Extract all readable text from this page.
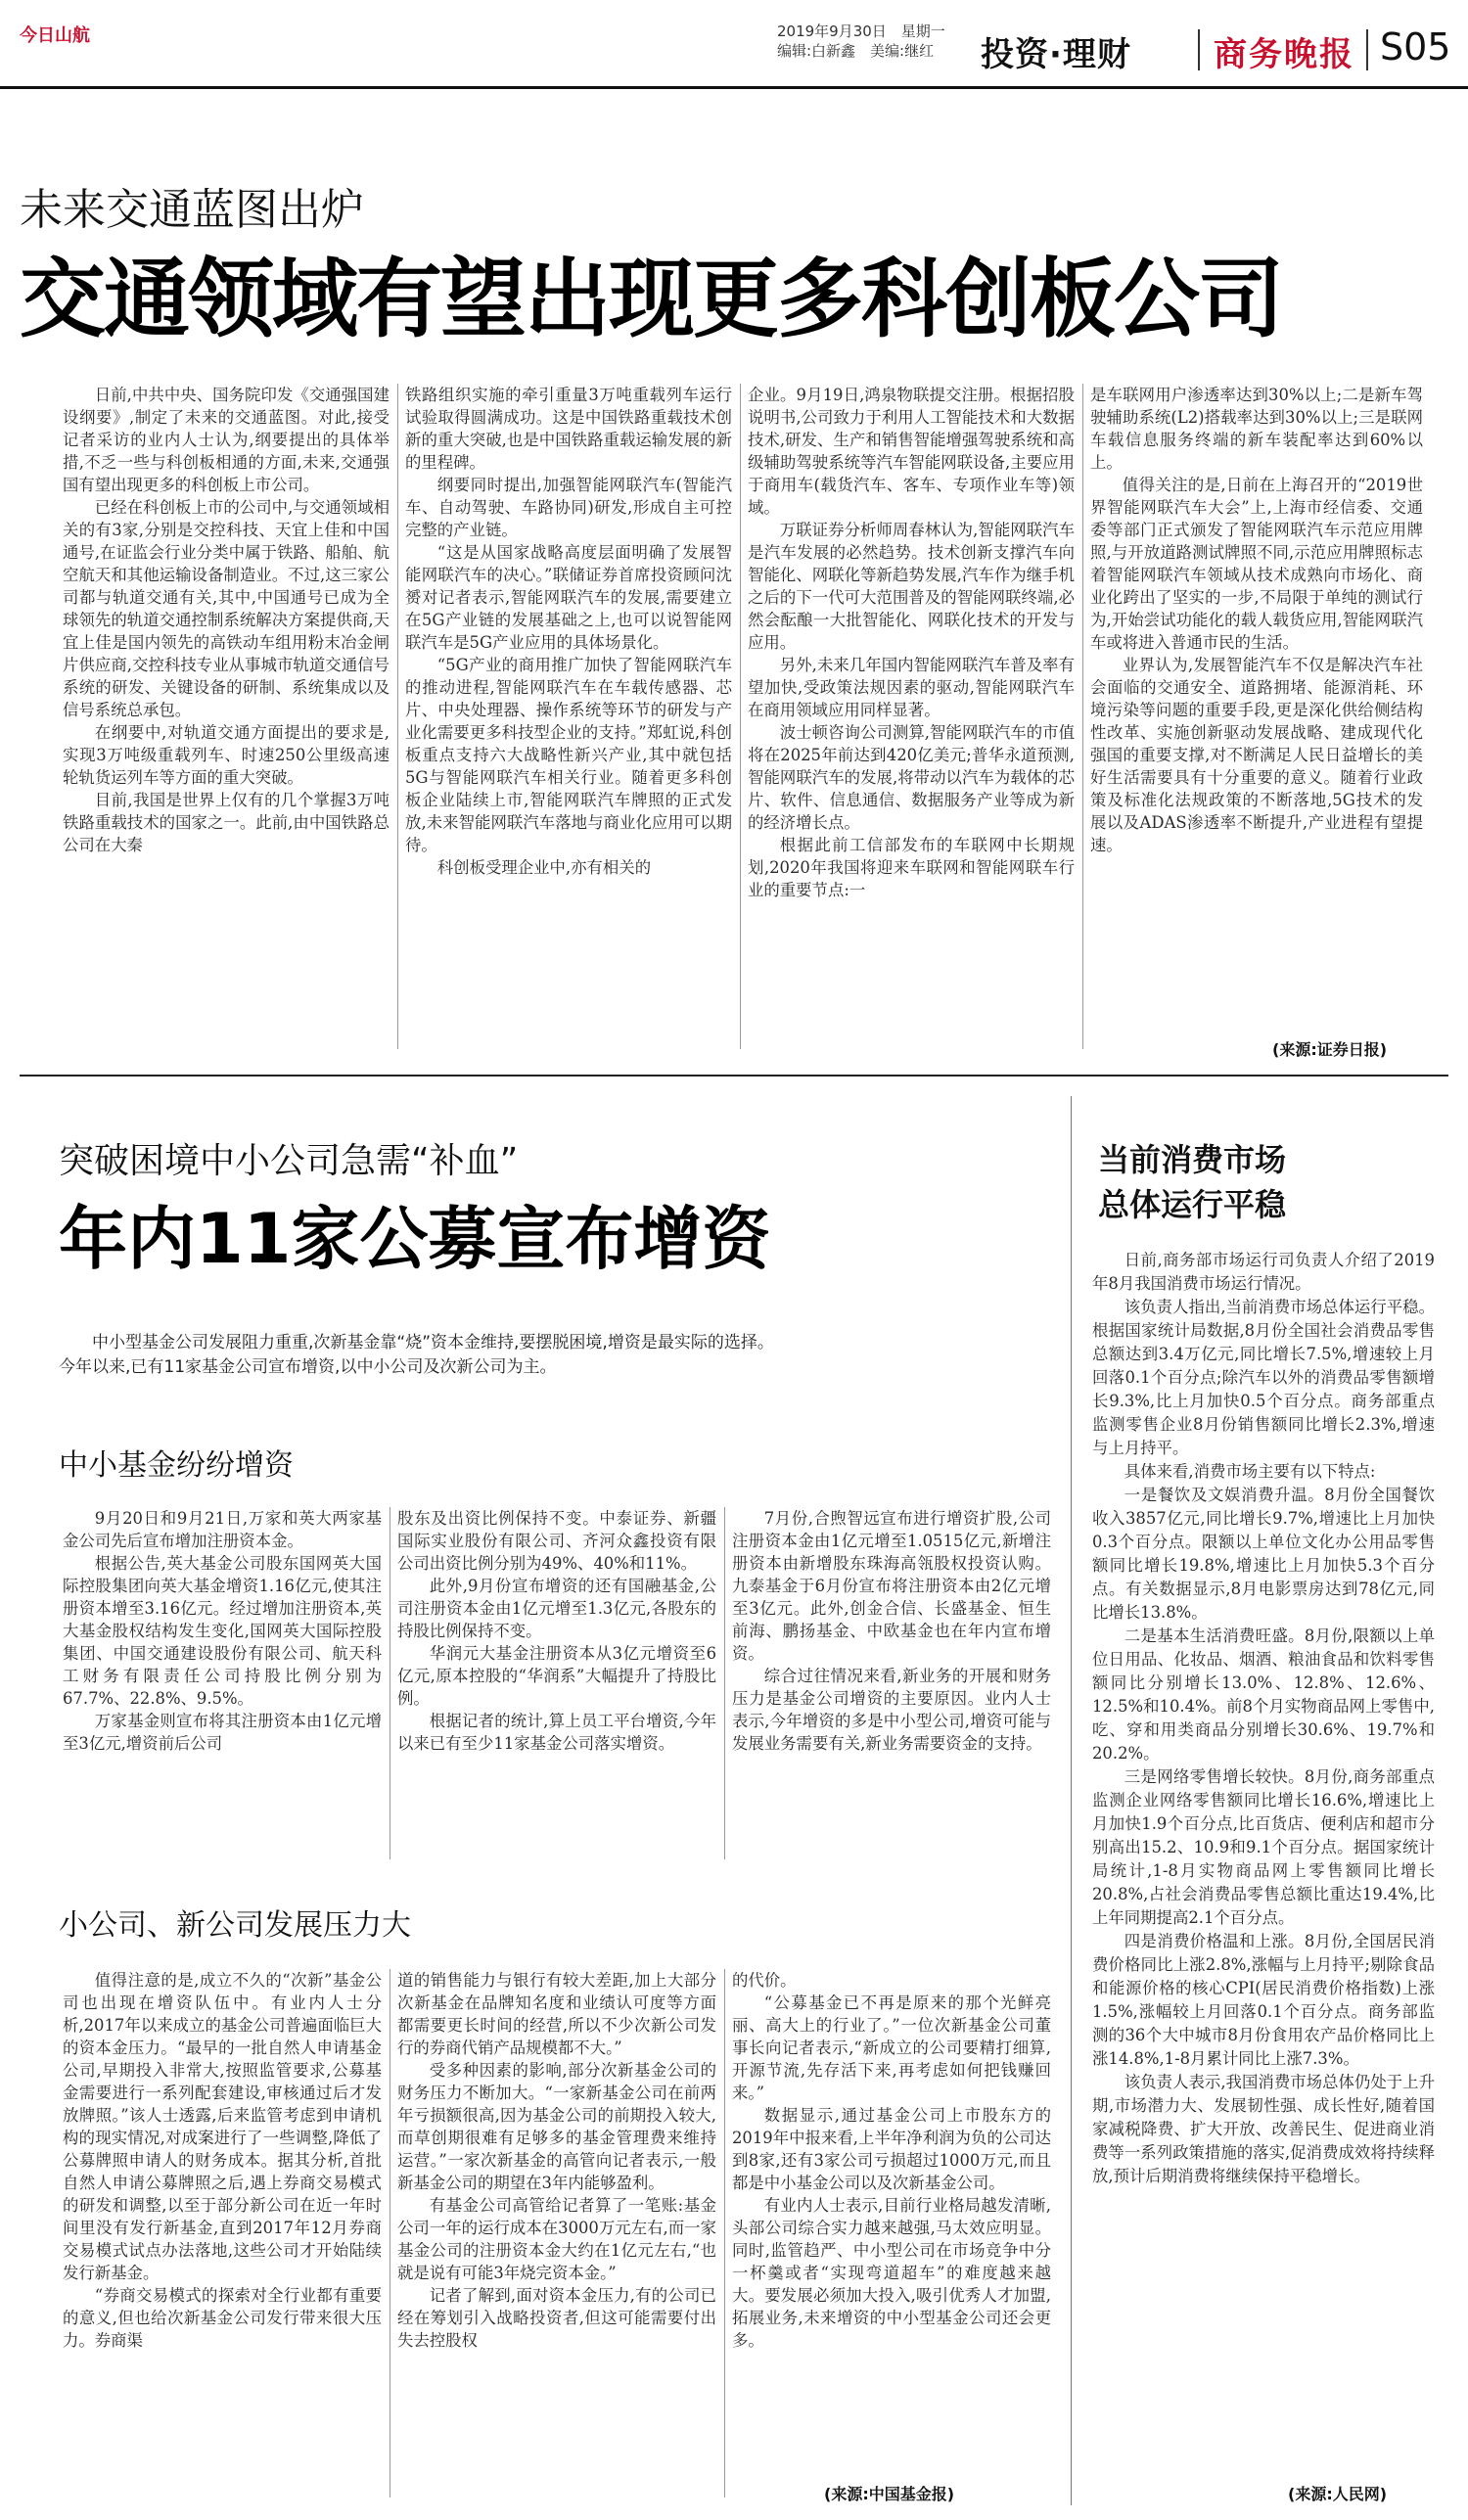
今日山航	2019年9月30日　星期一
编辑:白新鑫　美编:继红	投资·理财 商务晚报 S05
未来交通蓝图出炉
交通领域有望出现更多科创板公司

日前,中共中央、国务院印发《交通强国建设纲要》,制定了未来的交通蓝图。对此,接受记者采访的业内人士认为,纲要提出的具体举措,不乏一些与科创板相通的方面,未来,交通强国有望出现更多的科创板上市公司。

已经在科创板上市的公司中,与交通领域相关的有3家,分别是交控科技、天宜上佳和中国通号,在证监会行业分类中属于铁路、船舶、航空航天和其他运输设备制造业。不过,这三家公司都与轨道交通有关,其中,中国通号已成为全球领先的轨道交通控制系统解决方案提供商,天宜上佳是国内领先的高铁动车组用粉末冶金闸片供应商,交控科技专业从事城市轨道交通信号系统的研发、关键设备的研制、系统集成以及信号系统总承包。

在纲要中,对轨道交通方面提出的要求是,实现3万吨级重载列车、时速250公里级高速轮轨货运列车等方面的重大突破。

目前,我国是世界上仅有的几个掌握3万吨铁路重载技术的国家之一。此前,由中国铁路总公司在大秦

铁路组织实施的牵引重量3万吨重载列车运行试验取得圆满成功。这是中国铁路重载技术创新的重大突破,也是中国铁路重载运输发展的新的里程碑。

纲要同时提出,加强智能网联汽车(智能汽车、自动驾驶、车路协同)研发,形成自主可控完整的产业链。

“这是从国家战略高度层面明确了发展智能网联汽车的决心。”联储证券首席投资顾问沈赟对记者表示,智能网联汽车的发展,需要建立在5G产业链的发展基础之上,也可以说智能网联汽车是5G产业应用的具体场景化。

“5G产业的商用推广加快了智能网联汽车的推动进程,智能网联汽车在车载传感器、芯片、中央处理器、操作系统等环节的研发与产业化需要更多科技型企业的支持。”郑虹说,科创板重点支持六大战略性新兴产业,其中就包括5G与智能网联汽车相关行业。随着更多科创板企业陆续上市,智能网联汽车牌照的正式发放,未来智能网联汽车落地与商业化应用可以期待。

科创板受理企业中,亦有相关的

企业。9月19日,鸿泉物联提交注册。根据招股说明书,公司致力于利用人工智能技术和大数据技术,研发、生产和销售智能增强驾驶系统和高级辅助驾驶系统等汽车智能网联设备,主要应用于商用车(载货汽车、客车、专项作业车等)领域。

万联证券分析师周春林认为,智能网联汽车是汽车发展的必然趋势。技术创新支撑汽车向智能化、网联化等新趋势发展,汽车作为继手机之后的下一代可大范围普及的智能网联终端,必然会酝酿一大批智能化、网联化技术的开发与应用。

另外,未来几年国内智能网联汽车普及率有望加快,受政策法规因素的驱动,智能网联汽车在商用领域应用同样显著。

波士顿咨询公司测算,智能网联汽车的市值将在2025年前达到420亿美元;普华永道预测,智能网联汽车的发展,将带动以汽车为载体的芯片、软件、信息通信、数据服务产业等成为新的经济增长点。

根据此前工信部发布的车联网中长期规划,2020年我国将迎来车联网和智能网联车行业的重要节点:一

是车联网用户渗透率达到30%以上;二是新车驾驶辅助系统(L2)搭载率达到30%以上;三是联网车载信息服务终端的新车装配率达到60%以上。

值得关注的是,日前在上海召开的“2019世界智能网联汽车大会”上,上海市经信委、交通委等部门正式颁发了智能网联汽车示范应用牌照,与开放道路测试牌照不同,示范应用牌照标志着智能网联汽车领域从技术成熟向市场化、商业化跨出了坚实的一步,不局限于单纯的测试行为,开始尝试功能化的载人载货应用,智能网联汽车或将进入普通市民的生活。

业界认为,发展智能汽车不仅是解决汽车社会面临的交通安全、道路拥堵、能源消耗、环境污染等问题的重要手段,更是深化供给侧结构性改革、实施创新驱动发展战略、建成现代化强国的重要支撑,对不断满足人民日益增长的美好生活需要具有十分重要的意义。随着行业政策及标准化法规政策的不断落地,5G技术的发展以及ADAS渗透率不断提升,产业进程有望提速。

(来源:证券日报)
突破困境中小公司急需“补血”
年内11家公募宣布增资

中小型基金公司发展阻力重重,次新基金靠“烧”资本金维持,要摆脱困境,增资是最实际的选择。

今年以来,已有11家基金公司宣布增资,以中小公司及次新公司为主。

中小基金纷纷增资

9月20日和9月21日,万家和英大两家基金公司先后宣布增加注册资本金。

根据公告,英大基金公司股东国网英大国际控股集团向英大基金增资1.16亿元,使其注册资本增至3.16亿元。经过增加注册资本,英大基金股权结构发生变化,国网英大国际控股集团、中国交通建设股份有限公司、航天科工财务有限责任公司持股比例分别为67.7%、22.8%、9.5%。

万家基金则宣布将其注册资本由1亿元增至3亿元,增资前后公司

股东及出资比例保持不变。中泰证券、新疆国际实业股份有限公司、齐河众鑫投资有限公司出资比例分别为49%、40%和11%。

此外,9月份宣布增资的还有国融基金,公司注册资本金由1亿元增至1.3亿元,各股东的持股比例保持不变。

华润元大基金注册资本从3亿元增资至6亿元,原本控股的“华润系”大幅提升了持股比例。

根据记者的统计,算上员工平台增资,今年以来已有至少11家基金公司落实增资。

7月份,合煦智远宣布进行增资扩股,公司注册资本金由1亿元增至1.0515亿元,新增注册资本由新增股东珠海高瓴股权投资认购。九泰基金于6月份宣布将注册资本由2亿元增至3亿元。此外,创金合信、长盛基金、恒生前海、鹏扬基金、中欧基金也在年内宣布增资。

综合过往情况来看,新业务的开展和财务压力是基金公司增资的主要原因。业内人士表示,今年增资的多是中小型公司,增资可能与发展业务需要有关,新业务需要资金的支持。

小公司、新公司发展压力大

值得注意的是,成立不久的“次新”基金公司也出现在增资队伍中。有业内人士分析,2017年以来成立的基金公司普遍面临巨大的资本金压力。“最早的一批自然人申请基金公司,早期投入非常大,按照监管要求,公募基金需要进行一系列配套建设,审核通过后才发放牌照。”该人士透露,后来监管考虑到申请机构的现实情况,对成案进行了一些调整,降低了公募牌照申请人的财务成本。据其分析,首批自然人申请公募牌照之后,遇上券商交易模式的研发和调整,以至于部分新公司在近一年时间里没有发行新基金,直到2017年12月券商交易模式试点办法落地,这些公司才开始陆续发行新基金。

“券商交易模式的探索对全行业都有重要的意义,但也给次新基金公司发行带来很大压力。券商渠

道的销售能力与银行有较大差距,加上大部分次新基金在品牌知名度和业绩认可度等方面都需要更长时间的经营,所以不少次新公司发行的券商代销产品规模都不大。”

受多种因素的影响,部分次新基金公司的财务压力不断加大。“一家新基金公司在前两年亏损额很高,因为基金公司的前期投入较大,而草创期很难有足够多的基金管理费来维持运营。”一家次新基金的高管向记者表示,一般新基金公司的期望在3年内能够盈利。

有基金公司高管给记者算了一笔账:基金公司一年的运行成本在3000万元左右,而一家基金公司的注册资本金大约在1亿元左右,“也就是说有可能3年烧完资本金。”

记者了解到,面对资本金压力,有的公司已经在筹划引入战略投资者,但这可能需要付出失去控股权

的代价。

“公募基金已不再是原来的那个光鲜亮丽、高大上的行业了。”一位次新基金公司董事长向记者表示,“新成立的公司要精打细算,开源节流,先存活下来,再考虑如何把钱赚回来。”

数据显示,通过基金公司上市股东方的2019年中报来看,上半年净利润为负的公司达到8家,还有3家公司亏损超过1000万元,而且都是中小基金公司以及次新基金公司。

有业内人士表示,目前行业格局越发清晰,头部公司综合实力越来越强,马太效应明显。同时,监管趋严、中小型公司在市场竞争中分一杯羹或者“实现弯道超车”的难度越来越大。要发展必须加大投入,吸引优秀人才加盟,拓展业务,未来增资的中小型基金公司还会更多。

(来源:中国基金报)
当前消费市场
总体运行平稳

日前,商务部市场运行司负责人介绍了2019年8月我国消费市场运行情况。

该负责人指出,当前消费市场总体运行平稳。根据国家统计局数据,8月份全国社会消费品零售总额达到3.4万亿元,同比增长7.5%,增速较上月回落0.1个百分点;除汽车以外的消费品零售额增长9.3%,比上月加快0.5个百分点。商务部重点监测零售企业8月份销售额同比增长2.3%,增速与上月持平。

具体来看,消费市场主要有以下特点:

一是餐饮及文娱消费升温。8月份全国餐饮收入3857亿元,同比增长9.7%,增速比上月加快0.3个百分点。限额以上单位文化办公用品零售额同比增长19.8%,增速比上月加快5.3个百分点。有关数据显示,8月电影票房达到78亿元,同比增长13.8%。

二是基本生活消费旺盛。8月份,限额以上单位日用品、化妆品、烟酒、粮油食品和饮料零售额同比分别增长13.0%、12.8%、12.6%、12.5%和10.4%。前8个月实物商品网上零售中,吃、穿和用类商品分别增长30.6%、19.7%和20.2%。

三是网络零售增长较快。8月份,商务部重点监测企业网络零售额同比增长16.6%,增速比上月加快1.9个百分点,比百货店、便利店和超市分别高出15.2、10.9和9.1个百分点。据国家统计局统计,1-8月实物商品网上零售额同比增长20.8%,占社会消费品零售总额比重达19.4%,比上年同期提高2.1个百分点。

四是消费价格温和上涨。8月份,全国居民消费价格同比上涨2.8%,涨幅与上月持平;剔除食品和能源价格的核心CPI(居民消费价格指数)上涨1.5%,涨幅较上月回落0.1个百分点。商务部监测的36个大中城市8月份食用农产品价格同比上涨14.8%,1-8月累计同比上涨7.3%。

该负责人表示,我国消费市场总体仍处于上升期,市场潜力大、发展韧性强、成长性好,随着国家减税降费、扩大开放、改善民生、促进商业消费等一系列政策措施的落实,促消费成效将持续释放,预计后期消费将继续保持平稳增长。

(来源:人民网)
